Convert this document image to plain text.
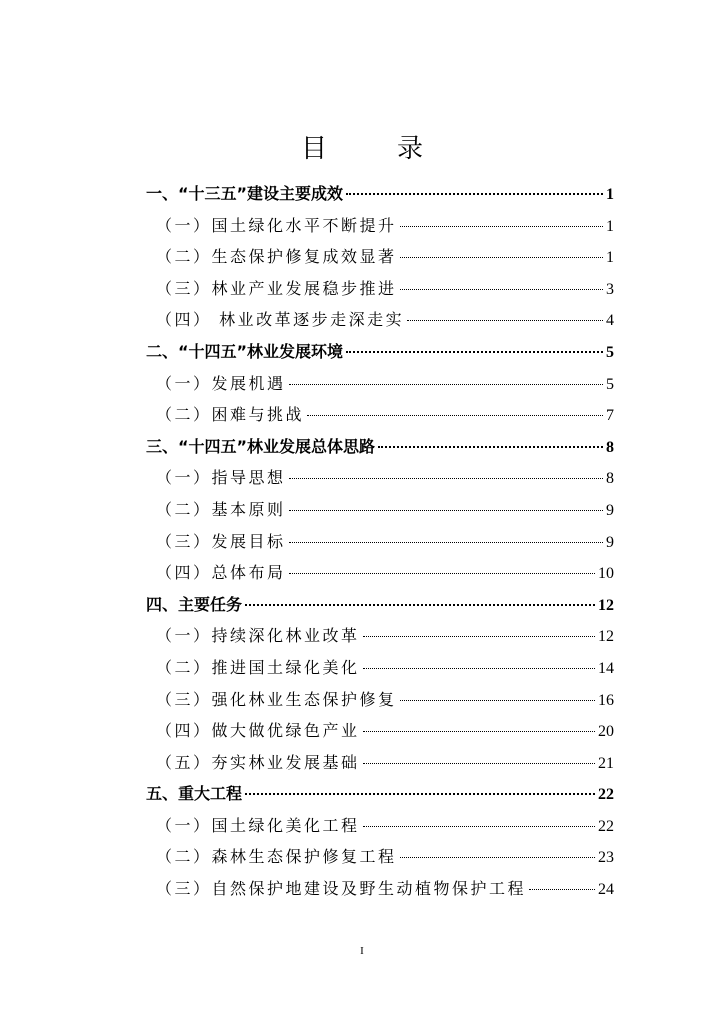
目　录
一、“十三五”建设主要成效	1
（一）国土绿化水平不断提升	1
（二）生态保护修复成效显著	1
（三）林业产业发展稳步推进	3
（四） 林业改革逐步走深走实	4
二、“十四五”林业发展环境	5
（一）发展机遇	5
（二）困难与挑战	7
三、“十四五”林业发展总体思路	8
（一）指导思想	8
（二）基本原则	9
（三）发展目标	9
（四）总体布局	10
四、主要任务	12
（一）持续深化林业改革	12
（二）推进国土绿化美化	14
（三）强化林业生态保护修复	16
（四）做大做优绿色产业	20
（五）夯实林业发展基础	21
五、重大工程	22
（一）国土绿化美化工程	22
（二）森林生态保护修复工程	23
（三）自然保护地建设及野生动植物保护工程	24
I
